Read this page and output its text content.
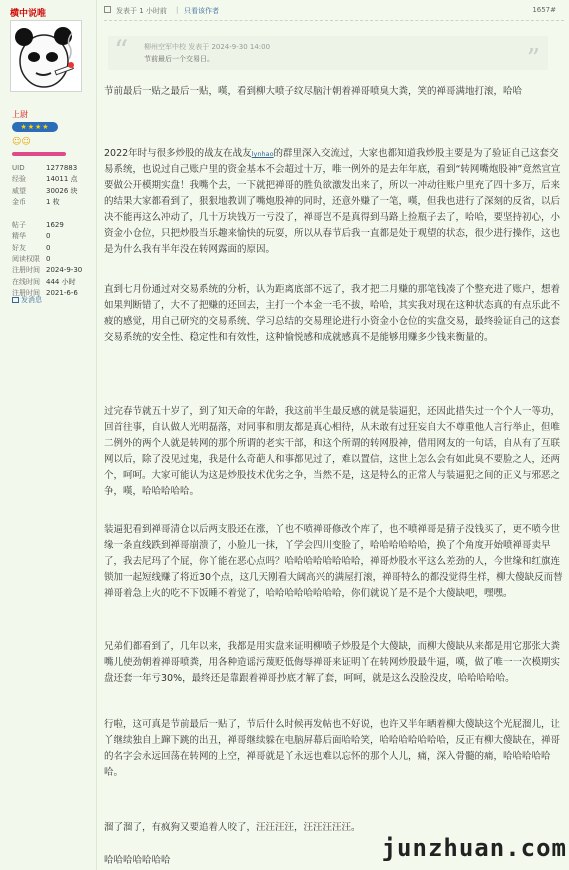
横中说唯
上尉
★★★★
☺☺
UID	1277883
经验	14011 点
威望	30026 块
金币	1 枚
帖子	1629
精华	0
好友	0
阅读权限 0
注册时间 2024-9-30
在线时间 444 小时
注册时间 2021-6-6
发消息
发表于 1 小时前 | 只看该作者	1657#
“ 柳州空军中校 发表于 2024-9-30 14:00
节前最后一个交易日。	”

节前最后一贴之最后一贴，嘆，看到柳大喷子纹尽脑汁朝着禅哥喷臭大粪，笑的禅哥满地打滚，哈哈

2022年时与很多炒股的战友在战友lynhao的群里深入交流过，大家也都知道我炒股主要是为了验证自己这套交易系统，也说过自己账户里的资金基本不会超过十万，唯一例外的是去年年底，看到“转网嘴炮股神”竟然宣宣要做公开模期实盘！我嘴个去，一下就把禅哥的胜负欲激发出来了，所以一冲动往账户里充了四十多万，后来的结果大家都看到了，狠狠地教训了嘴炮股神的同时，还意外赚了一笔，嘆，但我也进行了深刻的反省，以后决不能再这么冲动了，几十万块钱万一亏没了，禅哥岂不是真得到马路上捡瓶子去了，哈哈，要坚持初心，小资金小仓位，只把炒股当乐趣来愉快的玩耍，所以从春节后我一直都是处于观望的状态，很少进行操作，这也是为什么我有半年没在转网露面的原因。

直到七月份通过对交易系统的分析，认为距离底部不远了，我才把二月赚的那笔钱凑了个整充进了账户，想着如果判断错了，大不了把赚的还回去，主打一个本金一毛不拔，哈哈，其实我对现在这种状态真的有点乐此不疲的感觉，用自己研究的交易系统、学习总结的交易理论进行小资金小仓位的实盘交易，最终验证自己的这套交易系统的安全性、稳定性和有效性，这种愉悦感和成就感真不是能够用赚多少钱来衡量的。

过完春节就五十岁了，到了知天命的年龄，我这前半生最反感的就是装逼犯，还因此措失过一个个人一等功，回首往事，自认做人光明磊落，对同事和朋友都是真心相待，从未敢有过狂妄自大不尊重他人言行举止，但唯二例外的两个人就是转网的那个所谓的老实干部，和这个所谓的转网股神，借用网友的一句话，自从有了互联网以后，除了没见过鬼，我是什么奇葩人和事都见过了，难以置信，这世上怎么会有如此臭不要脸之人，还两个，呵呵。大家可能认为这是炒股技术优劣之争，当然不是，这是特么的正常人与装逼犯之间的正义与邪恶之争，嘆，哈哈哈哈哈。

装逼犯看到禅哥清仓以后两支股还在涨，丫也不喷禅哥修改个库了，也不喷禅哥是猜子没钱买了，更不喷今世缘一条直线跌到禅哥崩溃了，小脸儿一抹，丫学会四川变脸了，哈哈哈哈哈哈，换了个角度开始喷禅哥卖早了，我去尼玛了个屁，你丫能在恶心点吗？哈哈哈哈哈哈哈哈，禅哥炒股水平这么差劲的人，今世缘和红旗连锁加一起短线赚了将近30个点，这几天刚看大阔高兴的满屋打滚，禅哥特么的都没觉得生样，柳大傻缺反而替禅哥着急上火的吃不下饭睡不着觉了，哈哈哈哈哈哈哈哈，你们就说丫是不是个大傻缺吧，嘿嘿。

兄弟们都看到了，几年以来，我都是用实盘来证明柳喷子炒股是个大傻缺，而柳大傻缺从来都是用它那张大粪嘴儿使劲朝着禅哥喷粪，用各种造谣污蔑贬低侮辱禅哥来证明丫在转网炒股最牛逼，嘆，做了唯一一次模期实盘还套一年亏30%，最终还是靠跟着禅哥抄底才解了套，呵呵，就是这么没脸没皮，哈哈哈哈哈。

行啦，这可真是节前最后一贴了，节后什么时候再发帖也不好说，也许又半年晒着柳大傻缺这个光屁溜儿，让丫继续独自上蹿下跳的出丑，禅哥继续躲在电脑屏幕后面哈哈笑，哈哈哈哈哈哈哈，反正有柳大傻缺在，禅哥的名字会永远回荡在转网的上空，禅哥就是丫永远也难以忘怀的那个人儿，痛，深入骨髓的痛，哈哈哈哈哈哈。

溜了溜了，有疯狗又要追着人咬了，汪汪汪汪，汪汪汪汪汪。

哈哈哈哈哈哈哈	junzhuan.com
